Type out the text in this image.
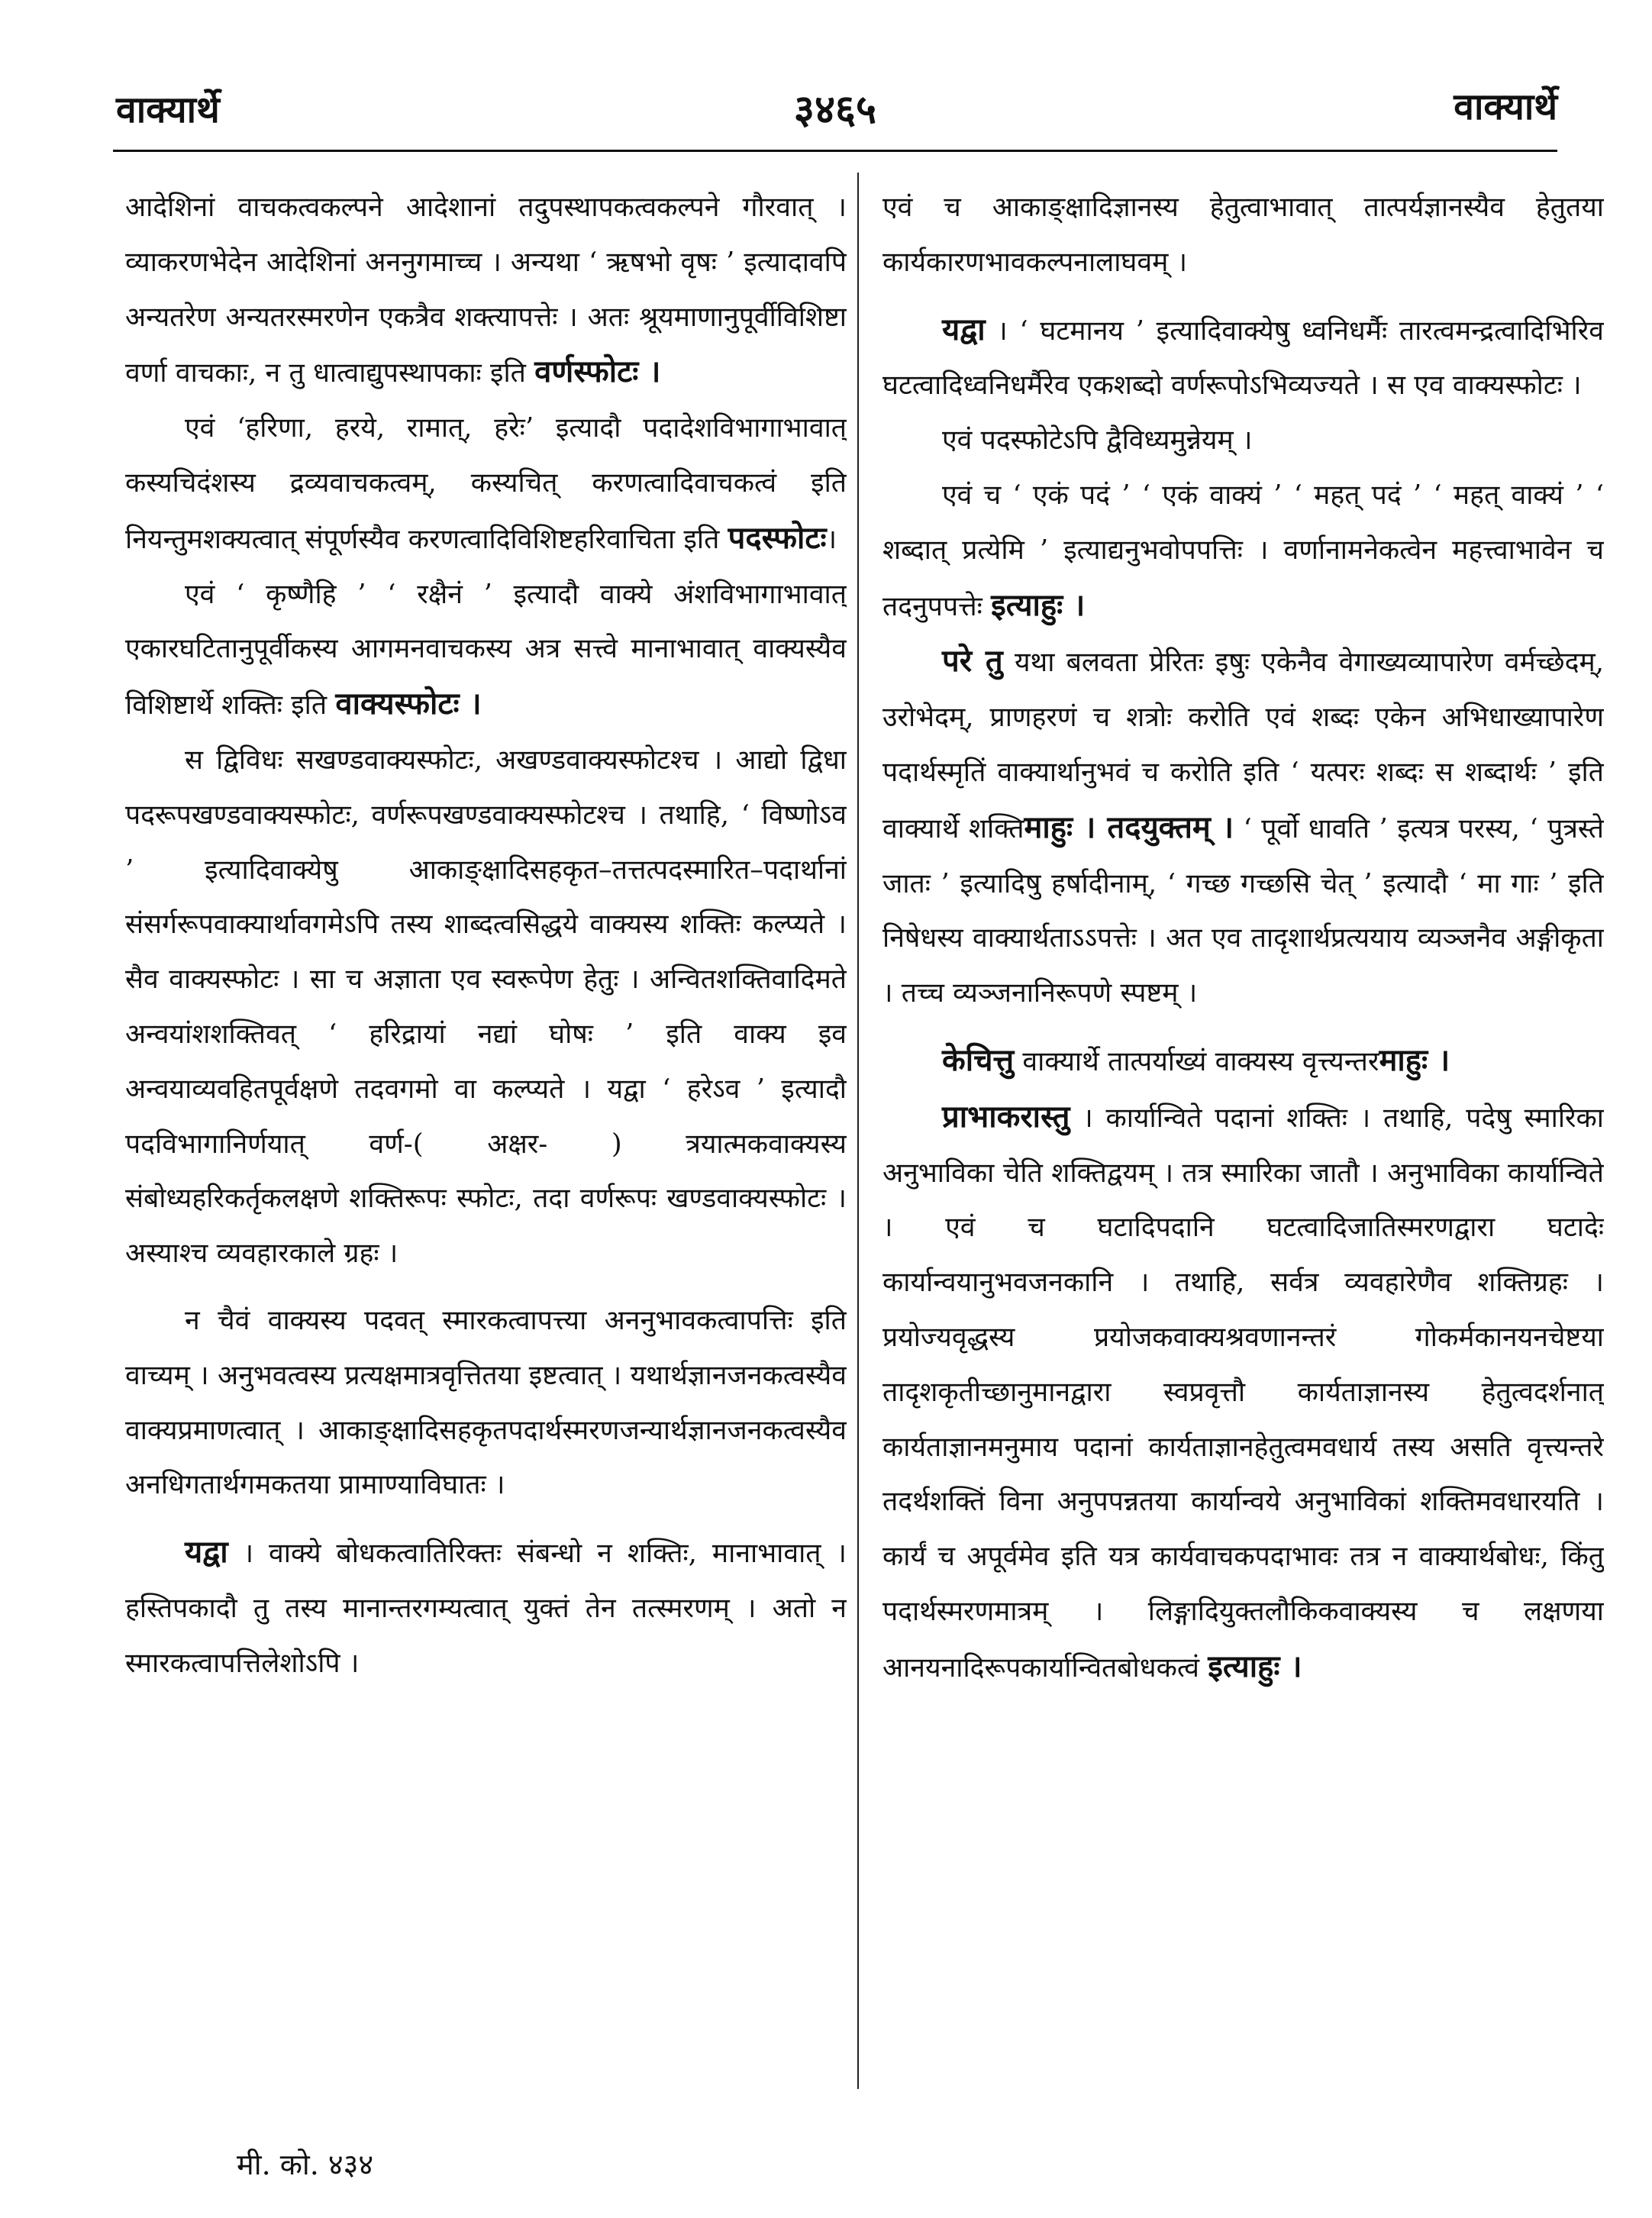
वाक्यार्थे	३४६५	वाक्यार्थे

आदेशिनां वाचकत्वकल्पने आदेशानां तदुपस्थापकत्वकल्पने गौरवात् । व्याकरणभेदेन आदेशिनां अननुगमाच्च । अन्यथा ‘ ऋषभो वृषः ’ इत्यादावपि अन्यतरेण अन्यतरस्मरणेन एकत्रैव शक्त्यापत्तेः । अतः श्रूयमाणानुपूर्वीविशिष्टा वर्णा वाचकाः, न तु धात्वाद्युपस्थापकाः इति वर्णस्फोटः ।

एवं ‘हरिणा, हरये, रामात्, हरेः’ इत्यादौ पदादेशविभागाभावात् कस्यचिदंशस्य द्रव्यवाचकत्वम्, कस्यचित् करणत्वादिवाचकत्वं इति नियन्तुमशक्यत्वात् संपूर्णस्यैव करणत्वादिविशिष्टहरिवाचिता इति पदस्फोटः।

एवं ‘ कृष्णैहि ’ ‘ रक्षैनं ’ इत्यादौ वाक्ये अंशविभागाभावात् एकारघटितानुपूर्वीकस्य आगमनवाचकस्य अत्र सत्त्वे मानाभावात् वाक्यस्यैव विशिष्टार्थे शक्तिः इति वाक्यस्फोटः ।

स द्विविधः सखण्डवाक्यस्फोटः, अखण्डवाक्यस्फोटश्च । आद्यो द्विधा पदरूपखण्डवाक्यस्फोटः, वर्णरूपखण्डवाक्यस्फोटश्च । तथाहि, ‘ विष्णोऽव ’ इत्यादिवाक्येषु आकाङ्क्षादिसहकृत–तत्तत्पदस्मारित–पदार्थानां संसर्गरूपवाक्यार्थावगमेऽपि तस्य शाब्दत्वसिद्धये वाक्यस्य शक्तिः कल्प्यते । सैव वाक्यस्फोटः । सा च अज्ञाता एव स्वरूपेण हेतुः । अन्वितशक्तिवादिमते अन्वयांशशक्तिवत् ‘ हरिद्रायां नद्यां घोषः ’ इति वाक्य इव अन्वयाव्यवहितपूर्वक्षणे तदवगमो वा कल्प्यते । यद्वा ‘ हरेऽव ’ इत्यादौ पदविभागानिर्णयात् वर्ण-( अक्षर- ) त्रयात्मकवाक्यस्य संबोध्यहरिकर्तृकलक्षणे शक्तिरूपः स्फोटः, तदा वर्णरूपः खण्डवाक्यस्फोटः । अस्याश्च व्यवहारकाले ग्रहः ।

न चैवं वाक्यस्य पदवत् स्मारकत्वापत्त्या अननुभावकत्वापत्तिः इति वाच्यम् । अनुभवत्वस्य प्रत्यक्षमात्रवृत्तितया इष्टत्वात् । यथार्थज्ञानजनकत्वस्यैव वाक्यप्रमाणत्वात् । आकाङ्क्षादिसहकृतपदार्थस्मरणजन्यार्थज्ञानजनकत्वस्यैव अनधिगतार्थगमकतया प्रामाण्याविघातः ।

यद्वा । वाक्ये बोधकत्वातिरिक्तः संबन्धो न शक्तिः, मानाभावात् । हस्तिपकादौ तु तस्य मानान्तरगम्यत्वात् युक्तं तेन तत्स्मरणम् । अतो न स्मारकत्वापत्तिलेशोऽपि ।

एवं च आकाङ्क्षादिज्ञानस्य हेतुत्वाभावात् तात्पर्यज्ञानस्यैव हेतुतया कार्यकारणभावकल्पनालाघवम् ।

यद्वा । ‘ घटमानय ’ इत्यादिवाक्येषु ध्वनिधर्मैः तारत्वमन्द्रत्वादिभिरिव घटत्वादिध्वनिधर्मैरेव एकशब्दो वर्णरूपोऽभिव्यज्यते । स एव वाक्यस्फोटः ।

एवं पदस्फोटेऽपि द्वैविध्यमुन्नेयम् ।

एवं च ‘ एकं पदं ’ ‘ एकं वाक्यं ’ ‘ महत् पदं ’ ‘ महत् वाक्यं ’ ‘ शब्दात् प्रत्येमि ’ इत्याद्यनुभवोपपत्तिः । वर्णानामनेकत्वेन महत्त्वाभावेन च तदनुपपत्तेः इत्याहुः ।

परे तु यथा बलवता प्रेरितः इषुः एकेनैव वेगाख्यव्यापारेण वर्मच्छेदम्, उरोभेदम्, प्राणहरणं च शत्रोः करोति एवं शब्दः एकेन अभिधाख्यापारेण पदार्थस्मृतिं वाक्यार्थानुभवं च करोति इति ‘ यत्परः शब्दः स शब्दार्थः ’ इति वाक्यार्थे शक्तिमाहुः । तदयुक्तम् । ‘ पूर्वो धावति ’ इत्यत्र परस्य, ‘ पुत्रस्ते जातः ’ इत्यादिषु हर्षादीनाम्, ‘ गच्छ गच्छसि चेत् ’ इत्यादौ ‘ मा गाः ’ इति निषेधस्य वाक्यार्थताऽऽपत्तेः । अत एव तादृशार्थप्रत्ययाय व्यञ्जनैव अङ्गीकृता । तच्च व्यञ्जनानिरूपणे स्पष्टम् ।

केचित्तु वाक्यार्थे तात्पर्याख्यं वाक्यस्य वृत्त्यन्तरमाहुः ।

प्राभाकरास्तु । कार्यान्विते पदानां शक्तिः । तथाहि, पदेषु स्मारिका अनुभाविका चेति शक्तिद्वयम् । तत्र स्मारिका जातौ । अनुभाविका कार्यान्विते । एवं च घटादिपदानि घटत्वादिजातिस्मरणद्वारा घटादेः कार्यान्वयानुभवजनकानि । तथाहि, सर्वत्र व्यवहारेणैव शक्तिग्रहः । प्रयोज्यवृद्धस्य प्रयोजकवाक्यश्रवणानन्तरं गोकर्मकानयनचेष्टया तादृशकृतीच्छानुमानद्वारा स्वप्रवृत्तौ कार्यताज्ञानस्य हेतुत्वदर्शनात् कार्यताज्ञानमनुमाय पदानां कार्यताज्ञानहेतुत्वमवधार्य तस्य असति वृत्त्यन्तरे तदर्थशक्तिं विना अनुपपन्नतया कार्यान्वये अनुभाविकां शक्तिमवधारयति । कार्यं च अपूर्वमेव इति यत्र कार्यवाचकपदाभावः तत्र न वाक्यार्थबोधः, किंतु पदार्थस्मरणमात्रम् । लिङ्गादियुक्तलौकिकवाक्यस्य च लक्षणया आनयनादिरूपकार्यान्वितबोधकत्वं इत्याहुः ।

मी. को. ४३४
